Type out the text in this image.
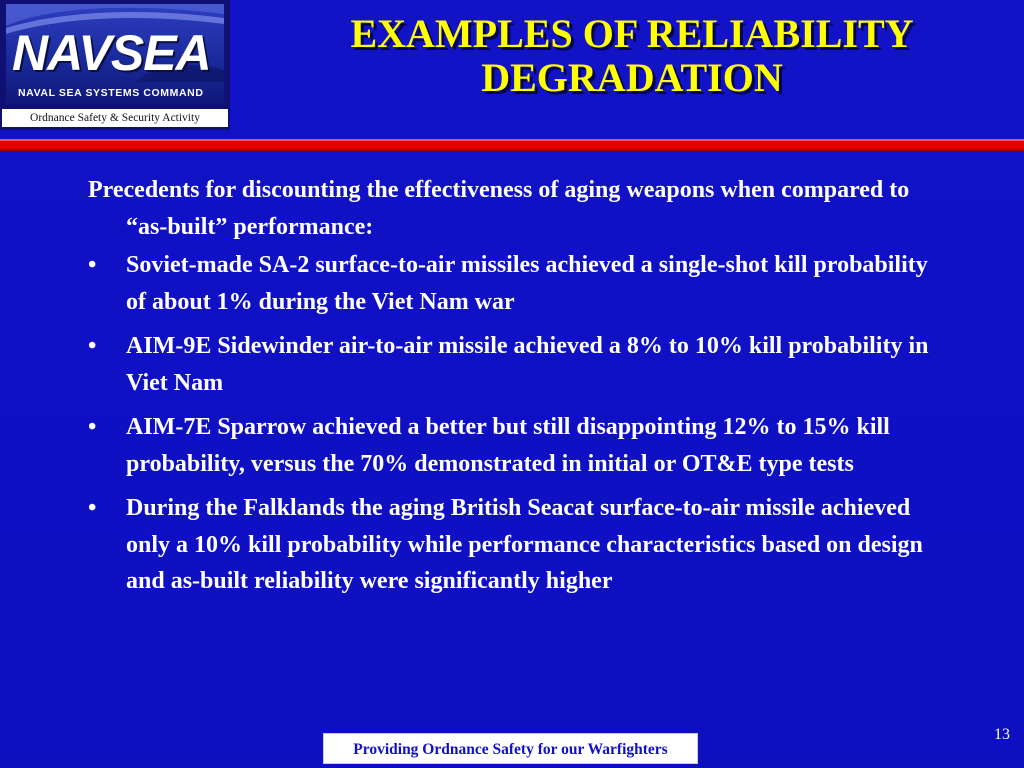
NAVSEA
NAVAL SEA SYSTEMS COMMAND
Ordnance Safety & Security Activity
EXAMPLES OF RELIABILITY
DEGRADATION

Precedents for discounting the effectiveness of aging weapons when compared to “as-built” performance:

•	Soviet-made SA-2 surface-to-air missiles achieved a single-shot kill probability of about 1% during the Viet Nam war
•	AIM-9E Sidewinder air-to-air missile achieved a 8% to 10% kill probability in Viet Nam
•	AIM-7E Sparrow achieved a better but still disappointing 12% to 15% kill probability, versus the 70% demonstrated in initial or OT&E type tests
•	During the Falklands the aging British Seacat surface-to-air missile achieved only a 10% kill probability while performance characteristics based on design and as-built reliability were significantly higher
13
Providing Ordnance Safety for our Warfighters
